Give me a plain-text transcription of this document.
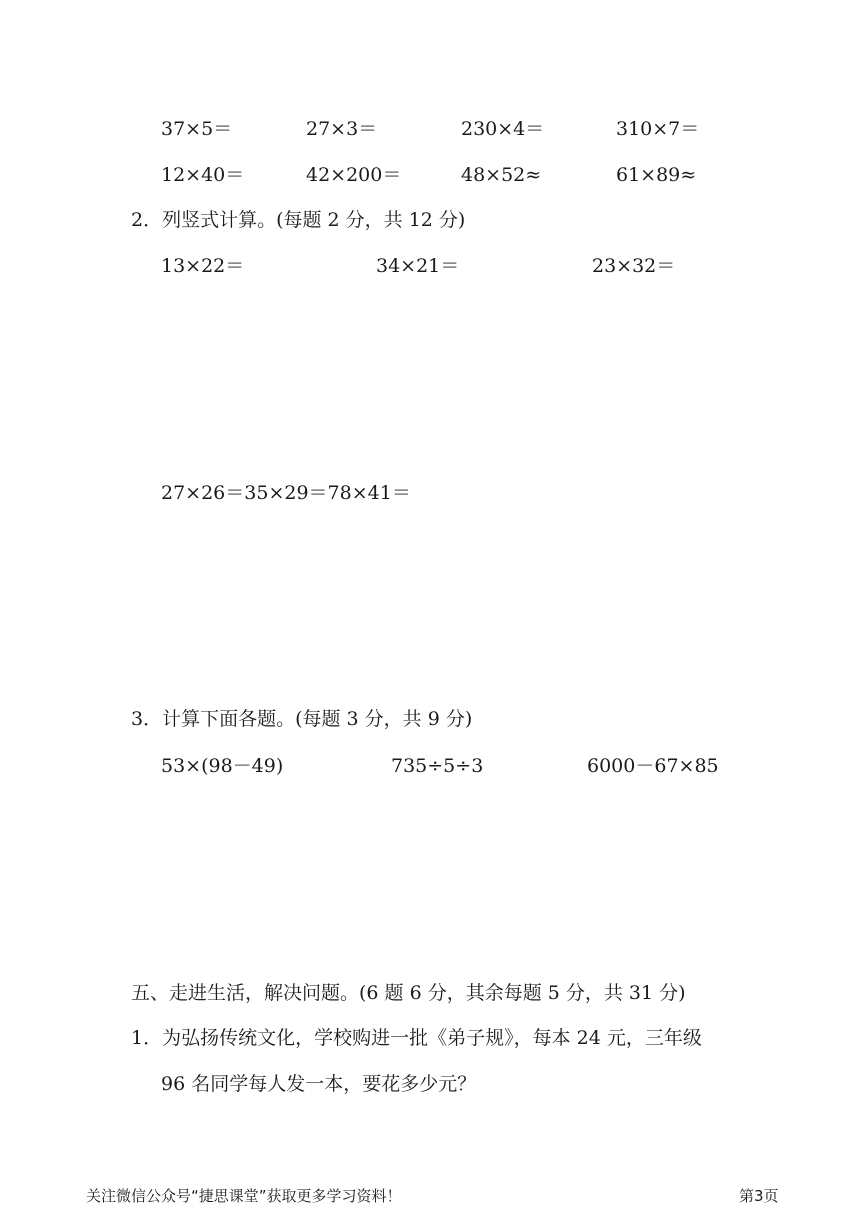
37×5＝	27×3＝	230×4＝	310×7＝
12×40＝	42×200＝	48×52≈	61×89≈
2．列竖式计算。(每题 2 分，共 12 分)
13×22＝	34×21＝	23×32＝
27×26＝35×29＝78×41＝
3．计算下面各题。(每题 3 分，共 9 分)
53×(98－49)	735÷5÷3	6000－67×85
五、走进生活，解决问题。(6 题 6 分，其余每题 5 分，共 31 分)
1．为弘扬传统文化，学校购进一批《弟子规》，每本 24 元，三年级
96 名同学每人发一本，要花多少元？
关注微信公众号“捷思课堂”获取更多学习资料！	第3页
